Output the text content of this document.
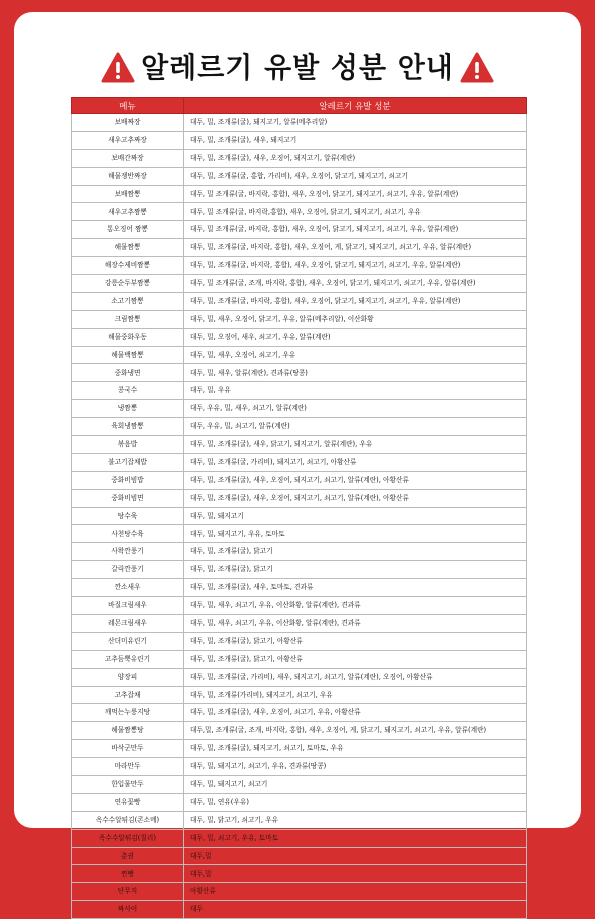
알레르기 유발 성분 안내
메뉴	알레르기 유발 성분
보배짜장	대두, 밀, 조개류(굴), 돼지고기, 알류(메추리알)
새우고추짜장	대두, 밀, 조개류(굴), 새우, 돼지고기
보배간짜장	대두, 밀, 조개류(굴), 새우, 오징어, 돼지고기, 알류(계란)
해물쟁반짜장	대두, 밀, 조개류(굴, 홍합, 가리비), 새우, 오징어, 닭고기, 돼지고기, 쇠고기
보배짬뽕	대두, 밀 조개류(굴, 바지락, 홍합), 새우, 오징어, 닭고기, 돼지고기, 쇠고기, 우유, 알류(계란)
새우고추짬뽕	대두, 밀 조개류(굴, 바지락,홍합), 새우, 오징어, 닭고기, 돼지고기, 쇠고기, 우유
통오징어 짬뽕	대두, 밀 조개류(굴, 바지락, 홍합), 새우, 오징어, 닭고기, 돼지고기, 쇠고기, 우유, 알류(계란)
해물짬뽕	대두, 밀, 조개류(굴, 바지락, 홍합), 새우, 오징어, 게, 닭고기, 돼지고기, 쇠고기, 우유, 알류(계란)
해장수제비짬뽕	대두, 밀, 조개류(굴, 바지락, 홍합), 새우, 오징어, 닭고기, 돼지고기, 쇠고기, 우유, 알류(계란)
강릉순두부짬뽕	대두, 밀 조개류(굴, 조개, 바지락, 홍합), 새우, 오징어, 닭고기, 돼지고기, 쇠고기, 우유, 알류(계란)
소고기짬뽕	대두, 밀, 조개류(굴, 바지락, 홍합), 새우, 오징어, 닭고기, 돼지고기, 쇠고기, 우유, 알류(계란)
크림짬뽕	대두, 밀, 새우, 오징어, 닭고기, 우유, 알류(메추리알), 이산화황
해물중화우동	대두, 밀, 오징어, 새우, 쇠고기, 우유, 알류(계란)
해물백짬뽕	대두, 밀, 새우, 오징어, 쇠고기, 우유
중화냉면	대두, 밀, 새우, 알류(계란), 견과류(땅콩)
콩국수	대두, 밀, 우유
냉짬뽕	대두, 우유, 밀, 새우, 쇠고기, 알류(계란)
육회냉짬뽕	대두, 우유, 밀, 쇠고기, 알류(계란)
볶음밥	대두, 밀, 조개류(굴), 새우, 닭고기, 돼지고기, 알류(계란), 우유
불고기잡채밥	대두, 밀, 조개류(굴, 가리비), 돼지고기, 쇠고기, 아황산류
중화비빔밥	대두, 밀, 조개류(굴), 새우, 오징어, 돼지고기, 쇠고기, 알류(계란), 아황산류
중화비빔면	대두, 밀, 조개류(굴), 새우, 오징어, 돼지고기, 쇠고기, 알류(계란), 아황산류
탕수육	대두, 밀, 돼지고기
사천탕수육	대두, 밀, 돼지고기, 우유, 토마토
사왁깐풍기	대두, 밀, 조개류(굴), 닭고기
갈릭깐풍기	대두, 밀, 조개류(굴), 닭고기
깐소새우	대두, 밀, 조개류(굴), 새우, 토마토, 견과류
바질크림새우	대두, 밀, 새우, 쇠고기, 우유, 이산화황, 알류(계란), 견과류
레몬크림새우	대두, 밀, 새우, 쇠고기, 우유, 이산화황, 알류(계란), 견과류
산더미유린기	대두, 밀, 조개류(굴), 닭고기, 아황산류
고추듬뿍유린기	대두, 밀, 조개류(굴), 닭고기, 아황산류
양장피	대두, 밀, 조개류(굴, 가리비), 새우, 돼지고기, 쇠고기, 알류(계란), 오징어, 아황산류
고추잡채	대두, 밀, 조개류(가리비), 돼지고기, 쇠고기, 우유
깨먹는누룽지탕	대두, 밀, 조개류(굴), 새우, 오징어, 쇠고기, 우유, 아황산류
해물짬뽕탕	대두,밀, 조개류(굴, 조개, 바지락, 홍합), 새우, 오징어, 게, 닭고기, 돼지고기, 쇠고기, 우유, 알류(계란)
바삭군만두	대두, 밀, 조개류(굴), 돼지고기, 쇠고기, 토마토, 우유
마라만두	대두, 밀, 돼지고기, 쇠고기, 우유, 견과류(땅콩)
한입물만두	대두, 밀, 돼지고기, 쇠고기
연유꽃빵	대두, 밀, 연유(우유)
옥수수알튀김(콘소메)	대두, 밀, 닭고기, 쇠고기, 우유
옥수수알튀김(칠리)	대두, 밀, 쇠고기, 우유, 토마토
춘권	대두,밀
찐빵	대두,밀
단무지	아황산류
짜사이	대두
